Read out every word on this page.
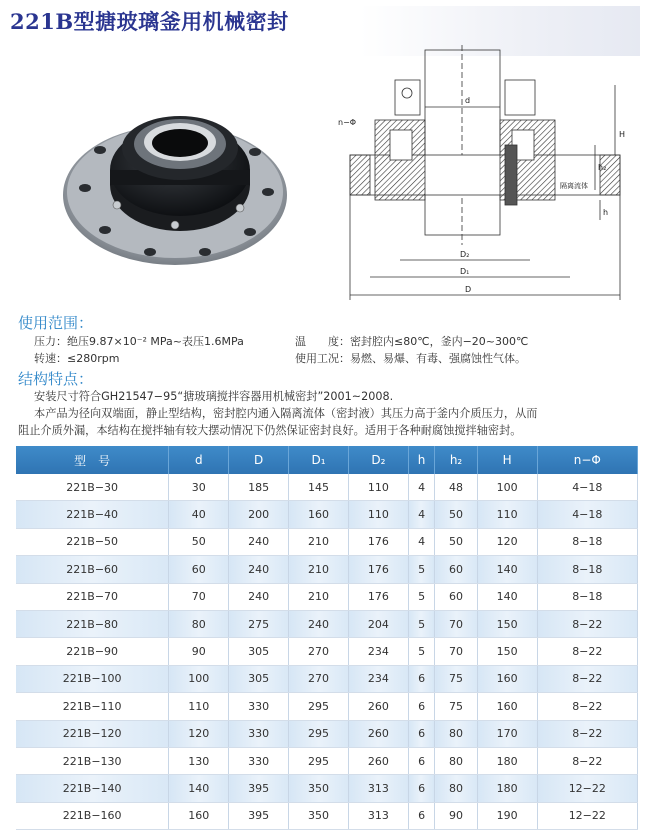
221B型搪玻璃釜用机械密封
n−Φ
d
H
h₂
h
隔离流体
D₂
D₁
D
使用范围：
压力：绝压9.87×10⁻² MPa~表压1.6MPa	温　　度：密封腔内≤80℃，釜内−20~300℃
转速：≤280rpm	使用工况：易燃、易爆、有毒、强腐蚀性气体。
结构特点：

安装尺寸符合GH21547−95“搪玻璃搅拌容器用机械密封”2001~2008.

本产品为径向双端面，静止型结构，密封腔内通入隔离流体（密封液）其压力高于釜内介质压力，从而

阻止介质外漏，本结构在搅拌轴有较大摆动情况下仍然保证密封良好。适用于各种耐腐蚀搅拌轴密封。

型　号	d	D	D₁	D₂	h	h₂	H	n−Φ
221B−30	30	185	145	110	4	48	100	4−18
221B−40	40	200	160	110	4	50	110	4−18
221B−50	50	240	210	176	4	50	120	8−18
221B−60	60	240	210	176	5	60	140	8−18
221B−70	70	240	210	176	5	60	140	8−18
221B−80	80	275	240	204	5	70	150	8−22
221B−90	90	305	270	234	5	70	150	8−22
221B−100	100	305	270	234	6	75	160	8−22
221B−110	110	330	295	260	6	75	160	8−22
221B−120	120	330	295	260	6	80	170	8−22
221B−130	130	330	295	260	6	80	180	8−22
221B−140	140	395	350	313	6	80	180	12−22
221B−160	160	395	350	313	6	90	190	12−22
